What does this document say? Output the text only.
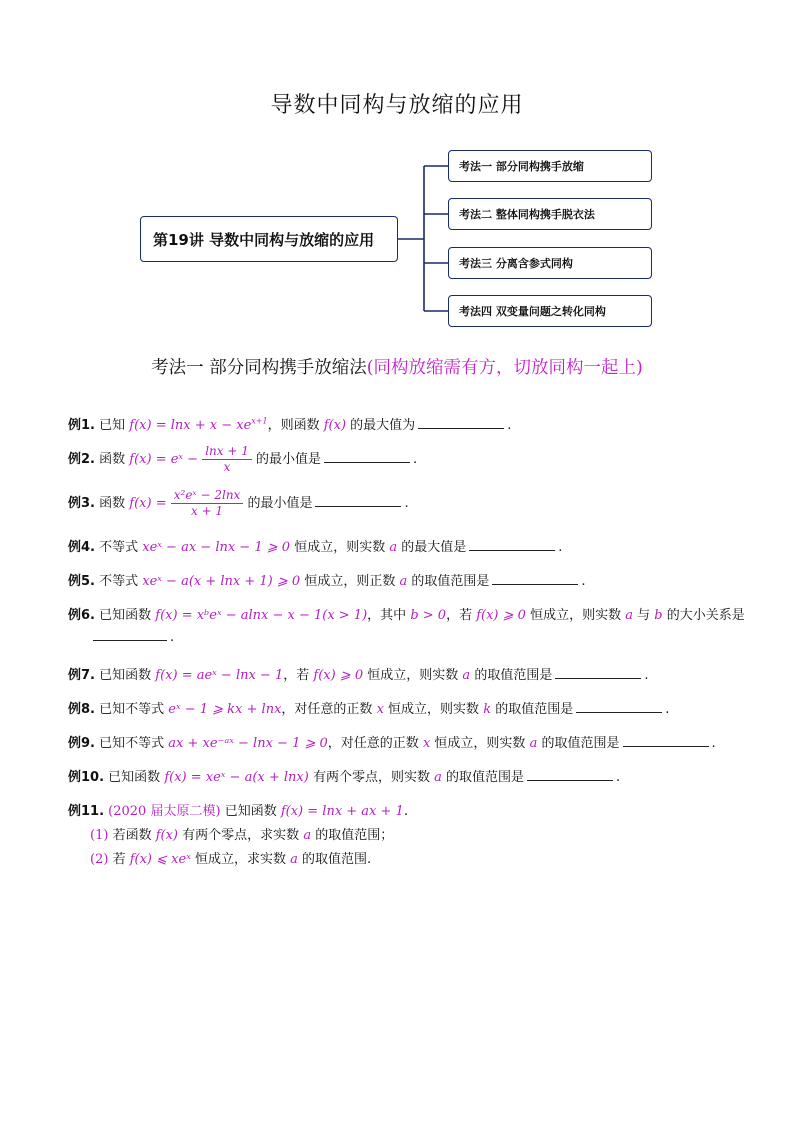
导数中同构与放缩的应用
第19讲 导数中同构与放缩的应用
考法一 部分同构携手放缩
考法二 整体同构携手脱衣法
考法三 分离含参式同构
考法四 双变量问题之转化同构
考法一 部分同构携手放缩法(同构放缩需有方，切放同构一起上)
例1. 已知 $f(x) = \ln x + x - xe^{x+1}$，则函数 f(x) 的最大值为	.
例2. 函数 f(x) = eˣ − $\frac{\ln x + 1}{x}$ 的最小值是	.
例3. 函数 $f(x) = \frac{\text{x²eˣ − 2lnx}}{x + 1}$ 的最小值是	.
例4. 不等式 xeˣ − ax − lnx − 1 ⩾ 0 恒成立，则实数 a 的最大值是	.
例5. 不等式 xeˣ − a(x + lnx + 1) ⩾ 0 恒成立，则正数 a 的取值范围是	.
例6. 已知函数 f(x) = xᵇeˣ − alnx − x − 1(x > 1)，其中 b > 0，若 f(x) ⩾ 0 恒成立，则实数 a 与 b 的大小关系是
.
例7. 已知函数 f(x) = aeˣ − lnx − 1，若 f(x) ⩾ 0 恒成立，则实数 a 的取值范围是	.
例8. 已知不等式 eˣ − 1 ⩾ kx + lnx，对任意的正数 x 恒成立，则实数 k 的取值范围是	.
例9. 已知不等式 ax + xe⁻ᵃˣ − lnx − 1 ⩾ 0，对任意的正数 x 恒成立，则实数 a 的取值范围是	.
例10. 已知函数 f(x) = xeˣ − a(x + lnx) 有两个零点，则实数 a 的取值范围是	.
例11. (2020 届太原二模) 已知函数 f(x) = lnx + ax + 1.
(1) 若函数 f(x) 有两个零点，求实数 a 的取值范围；
(2) 若 f(x) ⩽ xeˣ 恒成立，求实数 a 的取值范围.
